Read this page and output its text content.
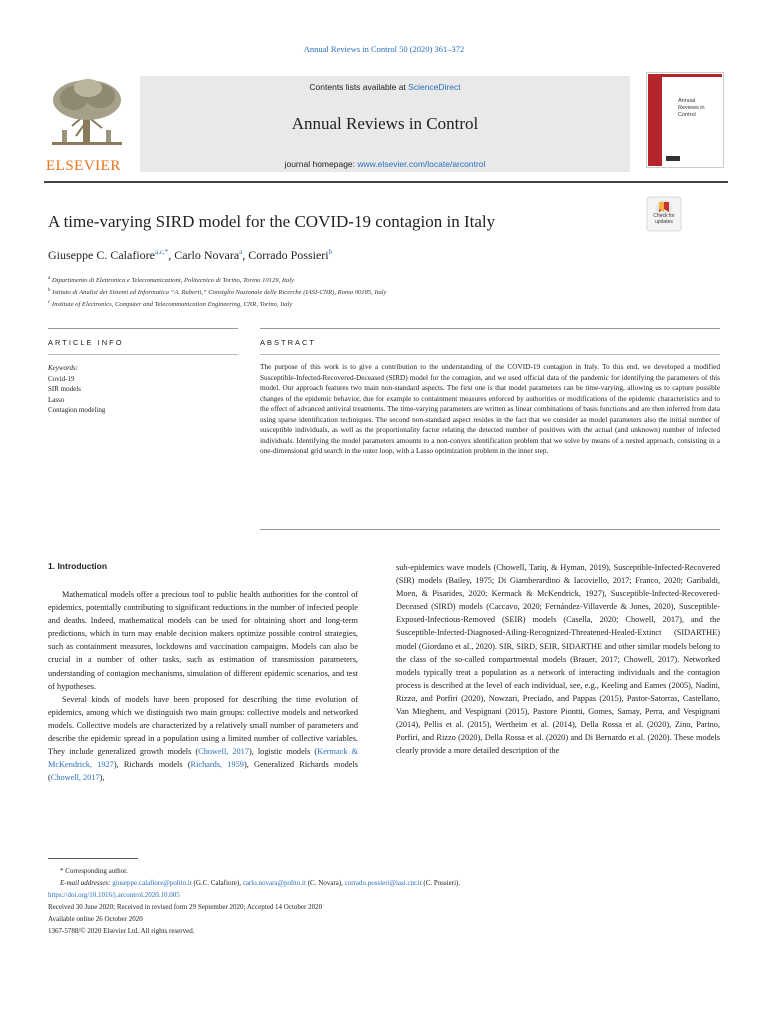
Annual Reviews in Control 50 (2020) 361–372
ELSEVIER
Contents lists available at ScienceDirect
Annual Reviews in Control
journal homepage: www.elsevier.com/locate/arcontrol
Annual
Reviews in
Control
A time-varying SIRD model for the COVID-19 contagion in Italy	Check for
updates
Giuseppe C. Calafiore$^{a,c,*}$, Carlo Novara$^a$, Corrado Possieri$^b$
$^a$ Dipartimento di Elettronica e Telecomunicazioni, Politecnico di Torino, Torino 10129, Italy
$^b$ Istituto di Analisi dei Sistemi ed Informatica “A. Ruberti,” Consiglio Nazionale delle Ricerche (IASI-CNR), Roma 00185, Italy
$^c$ Institute of Electronics, Computer and Telecommunication Engineering, CNR, Torino, Italy
ARTICLE INFO	ABSTRACT
Keywords:
Covid-19
SIR models
Lasso
Contagion modeling
The purpose of this work is to give a contribution to the understanding of the COVID-19 contagion in Italy. To this end, we developed a modified Susceptible-Infected-Recovered-Deceased (SIRD) model for the contagion, and we used official data of the pandemic for identifying the parameters of this model. Our approach features two main non-standard aspects. The first one is that model parameters can be time-varying, allowing us to capture possible changes of the epidemic behavior, due for example to containment measures enforced by authorities or modifications of the epidemic characteristics and to the effect of advanced antiviral treatments. The time-varying parameters are written as linear combinations of basis functions and are then inferred from data using sparse identification techniques. The second non-standard aspect resides in the fact that we consider as model parameters also the initial number of susceptible individuals, as well as the proportionality factor relating the detected number of positives with the actual (and unknown) number of infected individuals. Identifying the model parameters amounts to a non-convex identification problem that we solve by means of a nested approach, consisting in a one-dimensional grid search in the outer loop, with a Lasso optimization problem in the inner step.
1. Introduction

Mathematical models offer a precious tool to public health authorities for the control of epidemics, potentially contributing to significant reductions in the number of infected people and deaths. Indeed, mathematical models can be used for obtaining short and long-term predictions, which in turn may enable decision makers optimize possible control strategies, such as containment measures, lockdowns and vaccination campaigns. Models can also be crucial in a number of other tasks, such as estimation of transmission parameters, understanding of contagion mechanisms, simulation of different epidemic scenarios, and test of hypotheses.

Several kinds of models have been proposed for describing the time evolution of epidemics, among which we distinguish two main groups: collective models and networked models. Collective models are characterized by a relatively small number of parameters and describe the epidemic spread in a population using a limited number of collective variables. They include generalized growth models (Chowell, 2017), logistic models (Kermack & McKendrick, 1927), Richards models (Richards, 1959), Generalized Richards models (Chowell, 2017),

sub-epidemics wave models (Chowell, Tariq, & Hyman, 2019), Susceptible-Infected-Recovered (SIR) models (Bailey, 1975; Di Giamberardino & Iacoviello, 2017; Franco, 2020; Garibaldi, Moen, & Pisarides, 2020; Kermack & McKendrick, 1927), Susceptible-Infected-Recovered-Deceased (SIRD) models (Caccavo, 2020; Fernández-Villaverde & Jones, 2020), Susceptible-Exposed-Infectious-Removed (SEIR) models (Casella, 2020; Chowell, 2017), and the Susceptible-Infected-Diagnosed-Ailing-Recognized-Threatened-Healed-Extinct (SIDARTHE) model (Giordano et al., 2020). SIR, SIRD, SEIR, SIDARTHE and other similar models belong to the class of the so-called compartmental models (Brauer, 2017; Chowell, 2017). Networked models typically treat a population as a network of interacting individuals and the contagion process is described at the level of each individual, see, e.g., Keeling and Eames (2005), Nadini, Rizzo, and Porfiri (2020), Nowzari, Preciado, and Pappas (2015), Pastor-Satorras, Castellano, Van Mieghem, and Vespignani (2015), Pastore Piontti, Gomes, Samay, Perra, and Vespignani (2014), Pellis et al. (2015), Wertheim et al. (2014), Della Rossa et al. (2020), Zino, Parino, Porfiri, and Rizzo (2020), Della Rossa et al. (2020) and Di Bernardo et al. (2020). These models clearly provide a more detailed description of the

* Corresponding author.
E-mail addresses: giuseppe.calafiore@polito.it (G.C. Calafiore), carlo.novara@polito.it (C. Novara), corrado.possieri@iasi.cnr.it (C. Possieri).
https://doi.org/10.1016/j.arcontrol.2020.10.005
Received 30 June 2020; Received in revised form 29 September 2020; Accepted 14 October 2020
Available online 26 October 2020
1367-5788/© 2020 Elsevier Ltd. All rights reserved.
